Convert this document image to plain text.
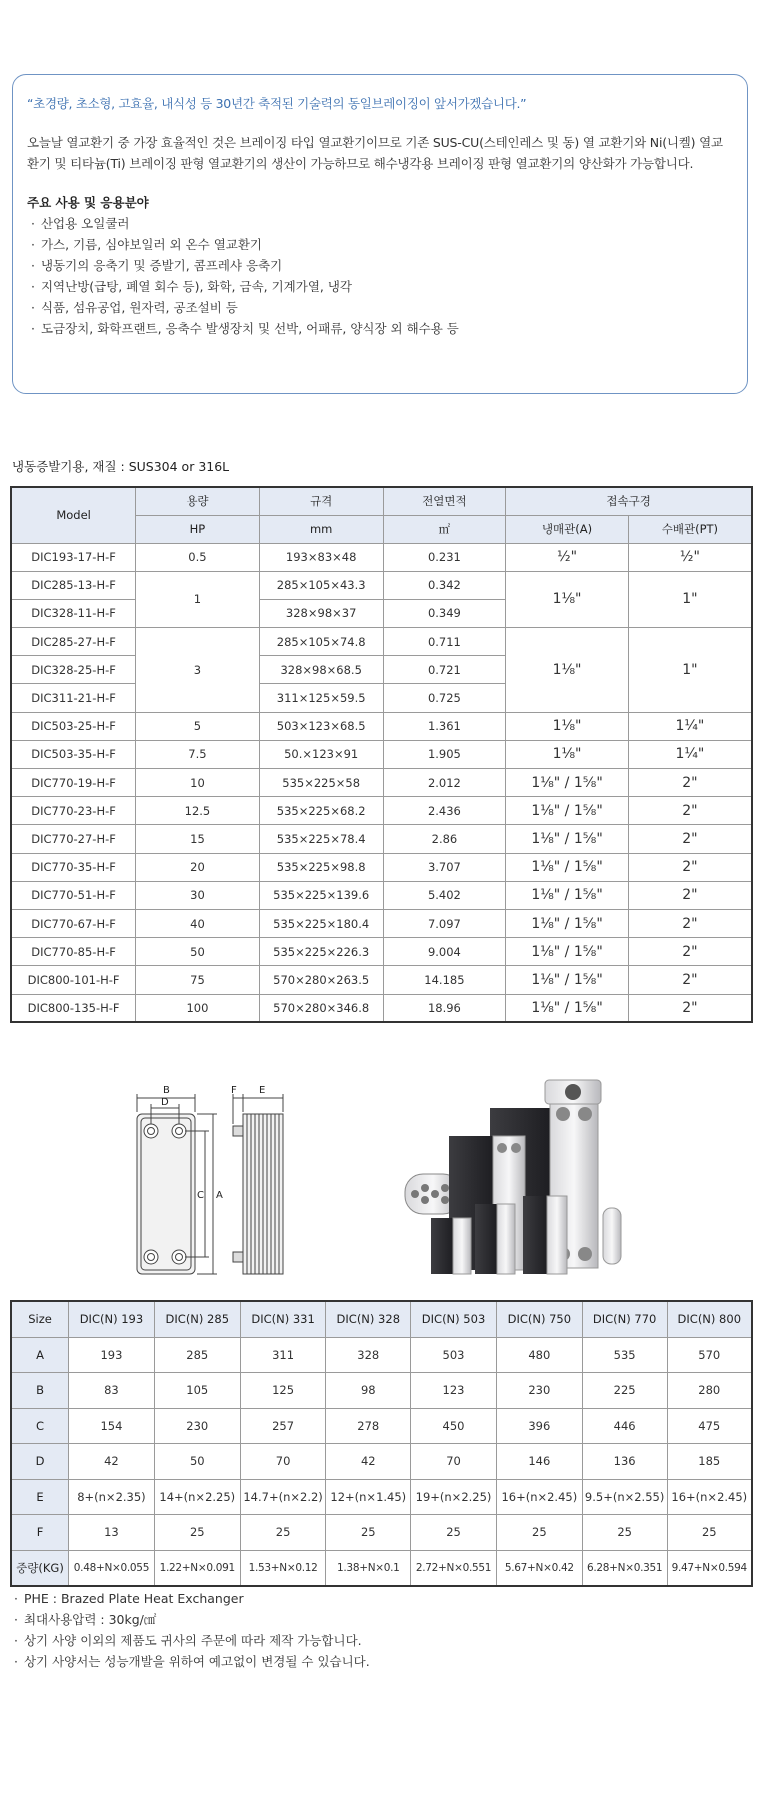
“초경량, 초소형, 고효율, 내식성 등 30년간 축적된 기술력의 동일브레이징이 앞서가겠습니다.”
오늘날 열교환기 중 가장 효율적인 것은 브레이징 타입 열교환기이므로 기존 SUS-CU(스테인레스 및 동) 열 교환기와 Ni(니켈) 열교환기 및 티타늄(Ti) 브레이징 판형 열교환기의 생산이 가능하므로 해수냉각용 브레이징 판형 열교환기의 양산화가 가능합니다.
주요 사용 및 응용분야
· 산업용 오일쿨러
· 가스, 기름, 심야보일러 외 온수 열교환기
· 냉동기의 응축기 및 증발기, 콤프레샤 응축기
· 지역난방(급탕, 폐열 회수 등), 화학, 금속, 기계가열, 냉각
· 식품, 섬유공업, 원자력, 공조설비 등
· 도금장치, 화학프랜트, 응축수 발생장치 및 선박, 어패류, 양식장 외 해수용 등
냉동증발기용, 재질 : SUS304 or 316L
Model	용량	규격	전열면적	접속구경	
	HP	mm	㎡	냉매관(A)	수배관(PT)
DIC193-17-H-F	0.5	193×83×48	0.231	½"	½"
DIC285-13-H-F	1	285×105×43.3	0.342	1⅛"	1"
DIC328-11-H-F		328×98×37	0.349		
DIC285-27-H-F	3	285×105×74.8	0.711	1⅛"	1"
DIC328-25-H-F		328×98×68.5	0.721		
DIC311-21-H-F		311×125×59.5	0.725		
DIC503-25-H-F	5	503×123×68.5	1.361	1⅛"	1¼"
DIC503-35-H-F	7.5	50.×123×91	1.905	1⅛"	1¼"
DIC770-19-H-F	10	535×225×58	2.012	1⅛" / 1⅝"	2"
DIC770-23-H-F	12.5	535×225×68.2	2.436	1⅛" / 1⅝"	2"
DIC770-27-H-F	15	535×225×78.4	2.86	1⅛" / 1⅝"	2"
DIC770-35-H-F	20	535×225×98.8	3.707	1⅛" / 1⅝"	2"
DIC770-51-H-F	30	535×225×139.6	5.402	1⅛" / 1⅝"	2"
DIC770-67-H-F	40	535×225×180.4	7.097	1⅛" / 1⅝"	2"
DIC770-85-H-F	50	535×225×226.3	9.004	1⅛" / 1⅝"	2"
DIC800-101-H-F	75	570×280×263.5	14.185	1⅛" / 1⅝"	2"
DIC800-135-H-F	100	570×280×346.8	18.96	1⅛" / 1⅝"	2"
B
D
C A
F E
Size	DIC(N) 193	DIC(N) 285	DIC(N) 331	DIC(N) 328	DIC(N) 503	DIC(N) 750	DIC(N) 770	DIC(N) 800
A	193	285	311	328	503	480	535	570
B	83	105	125	98	123	230	225	280
C	154	230	257	278	450	396	446	475
D	42	50	70	42	70	146	136	185
E	8+(n×2.35)	14+(n×2.25)	14.7+(n×2.2)	12+(n×1.45)	19+(n×2.25)	16+(n×2.45)	9.5+(n×2.55)	16+(n×2.45)
F	13	25	25	25	25	25	25	25
중량(KG)	0.48+N×0.055	1.22+N×0.091	1.53+N×0.12	1.38+N×0.1	2.72+N×0.551	5.67+N×0.42	6.28+N×0.351	9.47+N×0.594
· PHE : Brazed Plate Heat Exchanger
· 최대사용압력 : 30kg/㎠
· 상기 사양 이외의 제품도 귀사의 주문에 따라 제작 가능합니다.
· 상기 사양서는 성능개발을 위하여 예고없이 변경될 수 있습니다.
